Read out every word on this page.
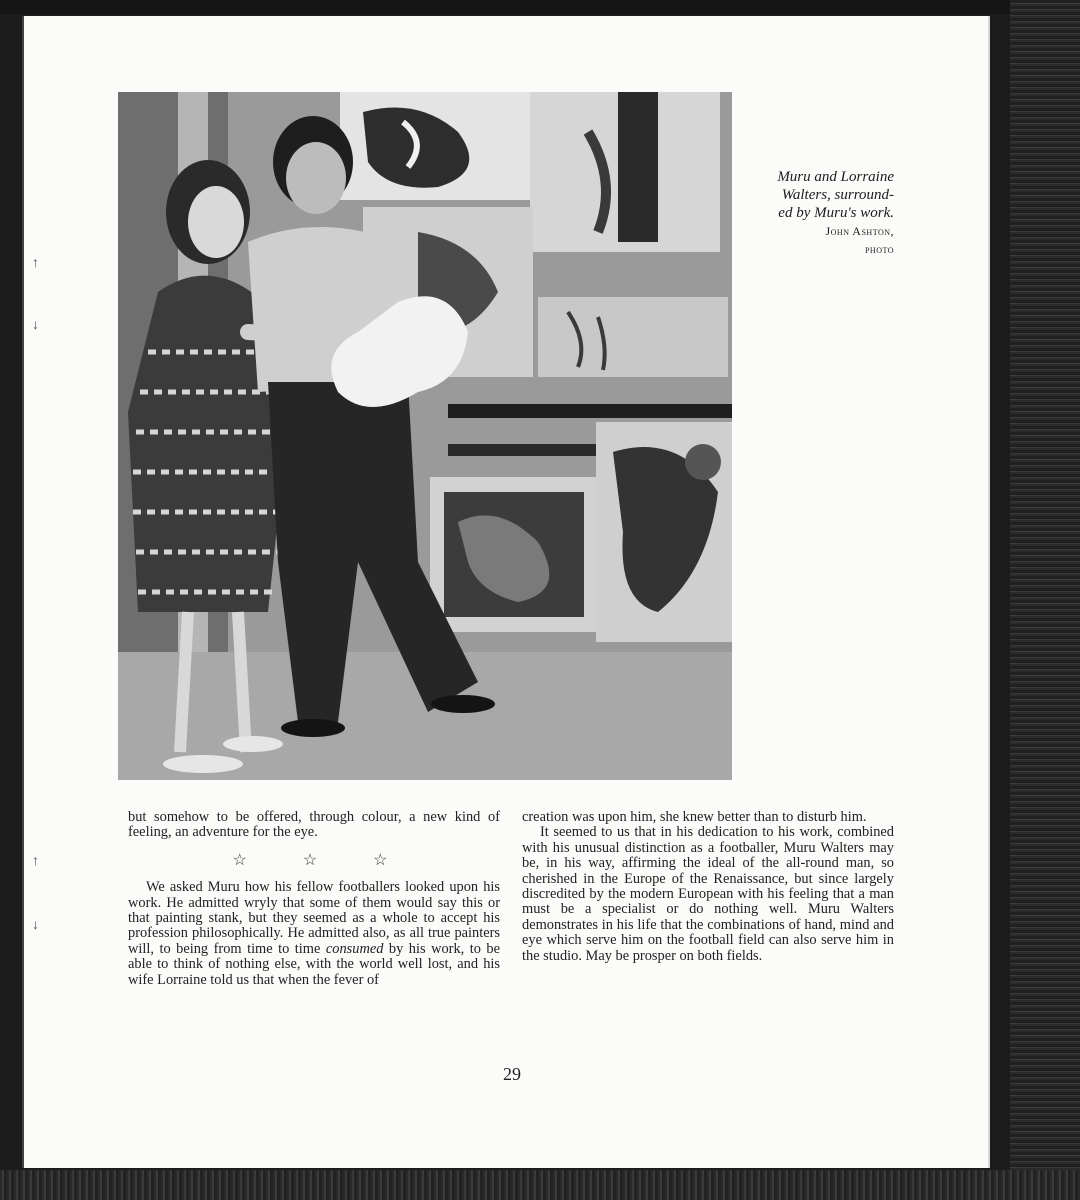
↑
↓
↑
↓
Muru and Lorraine
Walters, surround-
ed by Muru's work.
John Ashton,
photo

but somehow to be offered, through colour, a new kind of feeling, an adventure for the eye.

☆☆☆

We asked Muru how his fellow footballers looked upon his work. He admitted wryly that some of them would say this or that painting stank, but they seemed as a whole to accept his profession philosophically. He admitted also, as all true painters will, to being from time to time consumed by his work, to be able to think of nothing else, with the world well lost, and his wife Lorraine told us that when the fever of

creation was upon him, she knew better than to disturb him.

It seemed to us that in his dedication to his work, combined with his unusual distinction as a footballer, Muru Walters may be, in his way, affirming the ideal of the all-round man, so cherished in the Europe of the Renaissance, but since largely discredited by the modern European with his feeling that a man must be a specialist or do nothing well. Muru Walters demonstrates in his life that the combinations of hand, mind and eye which serve him on the football field can also serve him in the studio. May be prosper on both fields.

29
